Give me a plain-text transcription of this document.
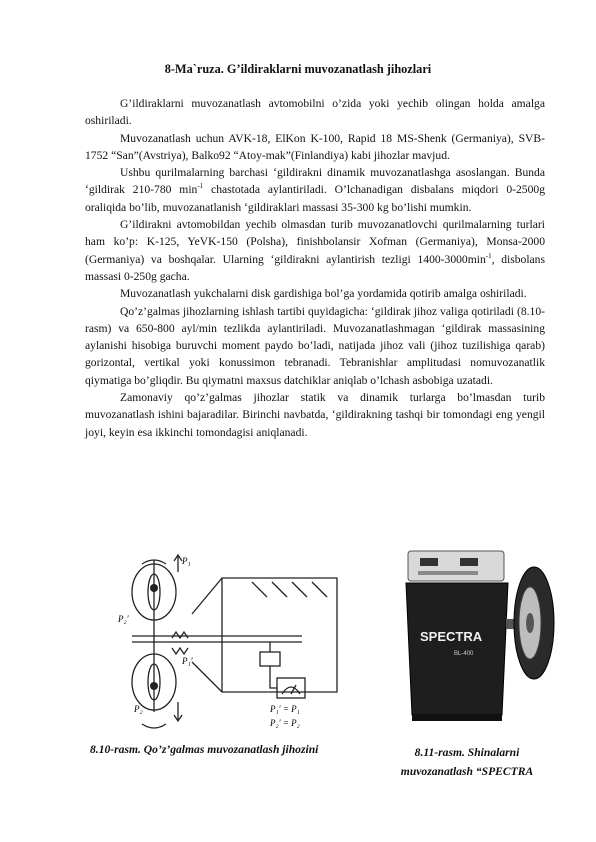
8-Ma`ruza. G’ildiraklarni muvozanatlash jihozlari

G’ildiraklarni muvozanatlash avtomobilni o’zida yoki yechib olingan holda amalga oshiriladi.

Muvozanatlash uchun AVK-18, ElKon K-100, Rapid 18 MS-Shenk (Germaniya), SVB-1752 “San”(Avstriya), Balko92 “Atoy-mak”(Finlandiya) kabi jihozlar mavjud.

Ushbu qurilmalarning barchasi ‘gildirakni dinamik muvozanatlashga asoslangan. Bunda ‘gildirak 210-780 $\min^{-1}$ chastotada aylantiriladi. O’lchanadigan disbalans miqdori 0-2500g oraliqida bo’lib, muvozanatlanish ‘gildiraklari massasi 35-300 kg bo’lishi mumkin.

G’ildirakni avtomobildan yechib olmasdan turib muvozanatlovchi qurilmalarning turlari ham ko’p: K-125, YeVK-150 (Polsha), finishbolansir Xofman (Germaniya), Monsa-2000 (Germaniya) va boshqalar. Ularning ‘gildirakni aylantirish tezligi $1400-3000\min^{-1}$, disbolans massasi 0-250g gacha.

Muvozanatlash yukchalarni disk gardishiga bol’ga yordamida qotirib amalga oshiriladi.

Qo’z’galmas jihozlarning ishlash tartibi quyidagicha: ‘gildirak jihoz valiga qotiriladi (8.10-rasm) va 650-800 ayl/min tezlikda aylantiriladi. Muvozanatlashmagan ‘gildirak massasining aylanishi hisobiga buruvchi moment paydo bo’ladi, natijada jihoz vali (jihoz tuzilishiga qarab) gorizontal, vertikal yoki konussimon tebranadi. Tebranishlar amplitudasi nomuvozanatlik qiymatiga bo’gliqdir. Bu qiymatni maxsus datchiklar aniqlab o’lchash asbobiga uzatadi.

Zamonaviy qo’z’galmas jihozlar statik va dinamik turlarga bo’lmasdan turib muvozanatlash ishini bajaradilar. Birinchi navbatda, ‘gildirakning tashqi bir tomondagi eng yengil joyi, keyin esa ikkinchi tomondagisi aniqlanadi.

P₁
P₂′
P₁′
P₂	P₁′ = P₁
P₂′ = P₂
SPECTRA
BL-400
8.10-rasm. Qo’z’galmas muvozanatlash jihozini	8.11-rasm. Shinalarni muvozanatlash “SPECTRA
